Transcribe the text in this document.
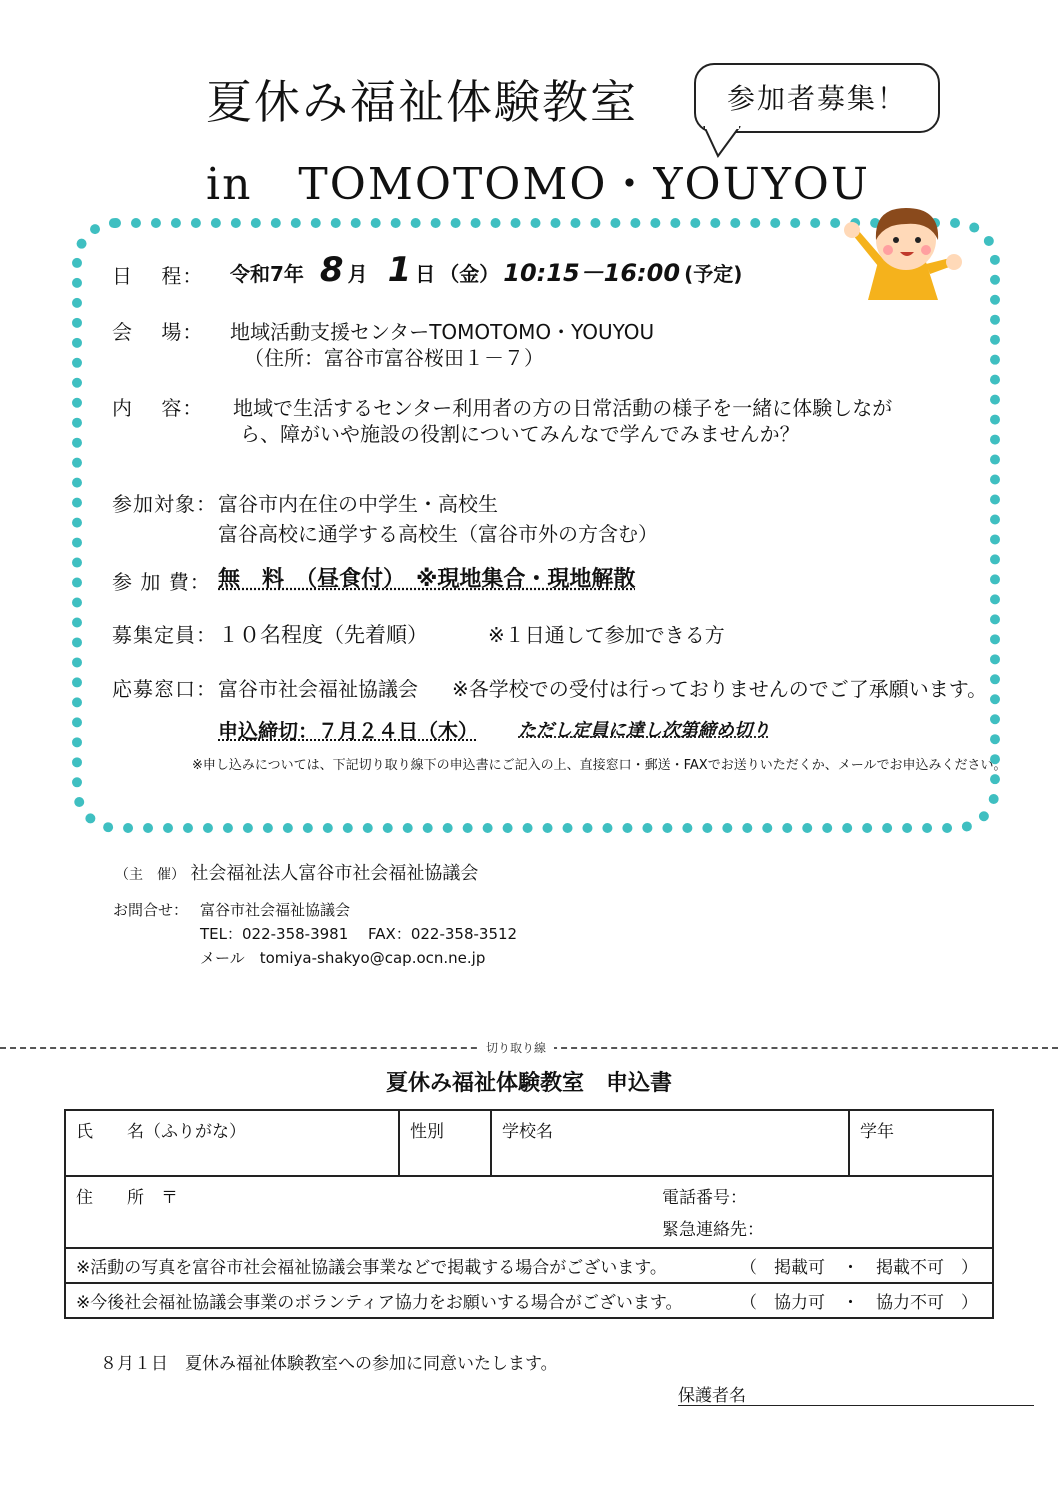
夏休み福祉体験教室
in　TOMOTOMO・YOUYOU
参加者募集！
日　 程： 令和7年 8 月 1 日 （金） 10:15－16:00 (予定)
会　 場： 地域活動支援センターTOMOTOMO・YOUYOU
（住所：富谷市富谷桜田１－７）
内　 容： 地域で生活するセンター利用者の方の日常活動の様子を一緒に体験しなが
ら、障がいや施設の役割についてみんなで学んでみませんか？
参加対象： 富谷市内在住の中学生・高校生
富谷高校に通学する高校生（富谷市外の方含む）
参 加 費： 無　料　（昼食付）　※現地集合・現地解散
募集定員： １０名程度（先着順）	※１日通して参加できる方
応募窓口： 富谷市社会福祉協議会 ※各学校での受付は行っておりませんのでご了承願います。
申込締切：７月２４日（木） ただし定員に達し次第締め切り
※申し込みについては、下記切り取り線下の申込書にご記入の上、直接窓口・郵送・FAXでお送りいただくか、メールでお申込みください。
（主　催） 社会福祉法人富谷市社会福祉協議会
お問合せ： 富谷市社会福祉協議会
TEL：022-358-3981　 FAX：022-358-3512
メール　tomiya-shakyo@cap.ocn.ne.jp
切り取り線
夏休み福祉体験教室　申込書
氏　　名（ふりがな）	性別	学校名	学年
住　　所　〒	電話番号：
緊急連絡先：

※活動の写真を富谷市社会福祉協議会事業などで掲載する場合がございます。	（　掲載可　・　掲載不可　）

※今後社会福祉協議会事業のボランティア協力をお願いする場合がございます。	（　協力可　・　協力不可　）
８月１日　夏休み福祉体験教室への参加に同意いたします。
保護者名
